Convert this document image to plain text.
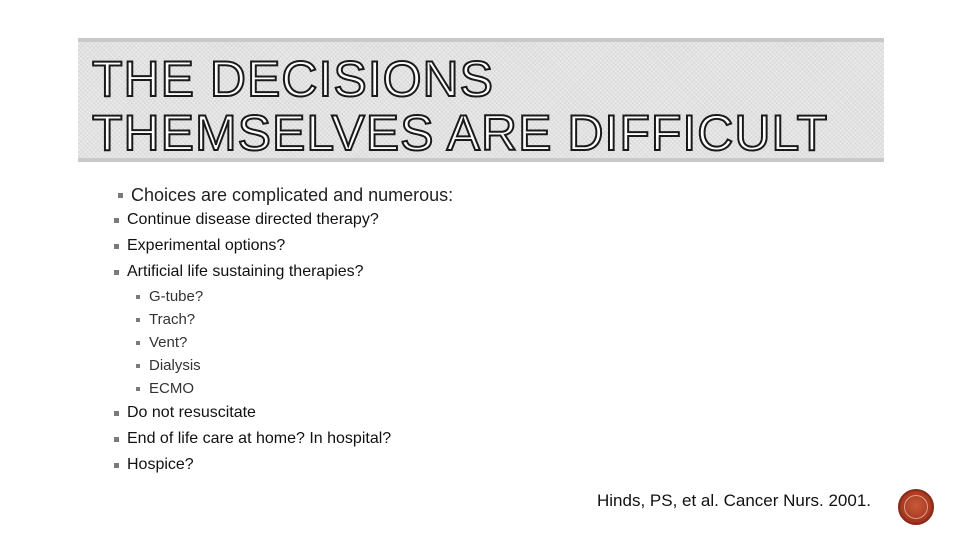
THE DECISIONS
THEMSELVES ARE DIFFICULT
Choices are complicated and numerous:
Continue disease directed therapy?
Experimental options?
Artificial life sustaining therapies?
G-tube?
Trach?
Vent?
Dialysis
ECMO
Do not resuscitate
End of life care at home? In hospital?
Hospice?
Hinds, PS, et al. Cancer Nurs. 2001.
